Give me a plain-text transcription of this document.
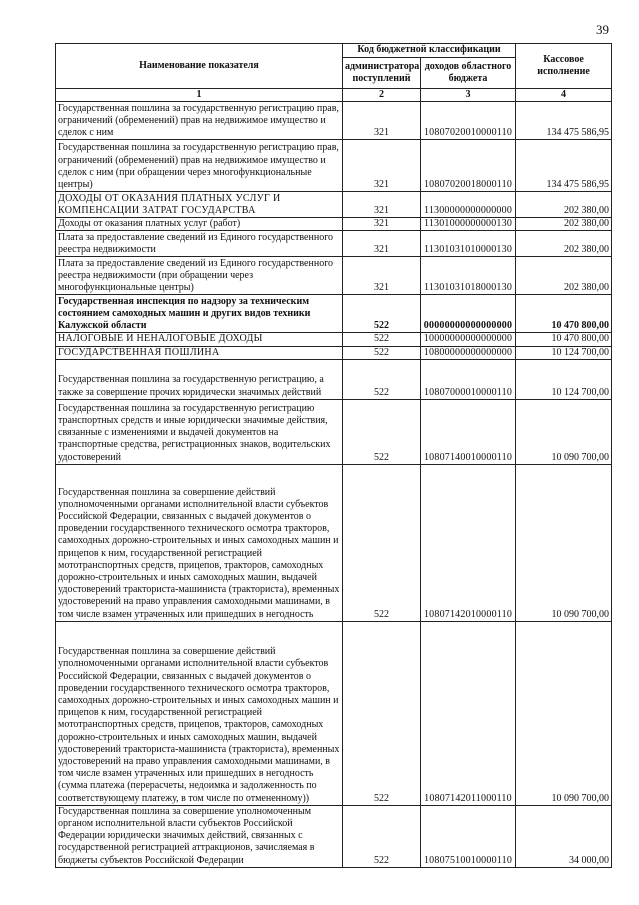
39
Наименование показателя	Код бюджетной классификации		Кассовое исполнение
	администратора поступлений	доходов областного бюджета	
1	2	3	4
Государственная пошлина за государственную регистрацию прав, ограничений (обременений) прав на недвижимое имущество и сделок с ним	321	10807020010000110	134 475 586,95
Государственная пошлина за государственную регистрацию прав, ограничений (обременений) прав на недвижимое имущество и сделок с ним (при обращении через многофункциональные центры)	321	10807020018000110	134 475 586,95
ДОХОДЫ ОТ ОКАЗАНИЯ ПЛАТНЫХ УСЛУГ И КОМПЕНСАЦИИ ЗАТРАТ ГОСУДАРСТВА	321	11300000000000000	202 380,00
Доходы от оказания платных услуг (работ)	321	11301000000000130	202 380,00
Плата за предоставление сведений из Единого государственного реестра недвижимости	321	11301031010000130	202 380,00
Плата за предоставление сведений из Единого государственного реестра недвижимости (при обращении через многофункциональные центры)	321	11301031018000130	202 380,00
Государственная инспекция по надзору за техническим состоянием самоходных машин и других видов техники Калужской области	522	00000000000000000	10 470 800,00
НАЛОГОВЫЕ И НЕНАЛОГОВЫЕ ДОХОДЫ	522	10000000000000000	10 470 800,00
ГОСУДАРСТВЕННАЯ ПОШЛИНА	522	10800000000000000	10 124 700,00
Государственная пошлина за государственную регистрацию, а также за совершение прочих юридически значимых действий	522	10807000010000110	10 124 700,00
Государственная пошлина за государственную регистрацию транспортных средств и иные юридически значимые действия, связанные с изменениями и выдачей документов на транспортные средства, регистрационных знаков, водительских удостоверений	522	10807140010000110	10 090 700,00
Государственная пошлина за совершение действий уполномоченными органами исполнительной власти субъектов Российской Федерации, связанных с выдачей документов о проведении государственного технического осмотра тракторов, самоходных дорожно-строительных и иных самоходных машин и прицепов к ним, государственной регистрацией мототранспортных средств, прицепов, тракторов, самоходных дорожно-строительных и иных самоходных машин, выдачей удостоверений тракториста-машиниста (тракториста), временных удостоверений на право управления самоходными машинами, в том числе взамен утраченных или пришедших в негодность	522	10807142010000110	10 090 700,00
Государственная пошлина за совершение действий уполномоченными органами исполнительной власти субъектов Российской Федерации, связанных с выдачей документов о проведении государственного технического осмотра тракторов, самоходных дорожно-строительных и иных самоходных машин и прицепов к ним, государственной регистрацией мототранспортных средств, прицепов, тракторов, самоходных дорожно-строительных и иных самоходных машин, выдачей удостоверений тракториста-машиниста (тракториста), временных удостоверений на право управления самоходными машинами, в том числе взамен утраченных или пришедших в негодность (сумма платежа (перерасчеты, недоимка и задолженность по соответствующему платежу, в том числе по отмененному))	522	10807142011000110	10 090 700,00
Государственная пошлина за совершение уполномоченным органом исполнительной власти субъектов Российской Федерации юридически значимых действий, связанных с государственной регистрацией аттракционов, зачисляемая в бюджеты субъектов Российской Федерации	522	10807510010000110	34 000,00
